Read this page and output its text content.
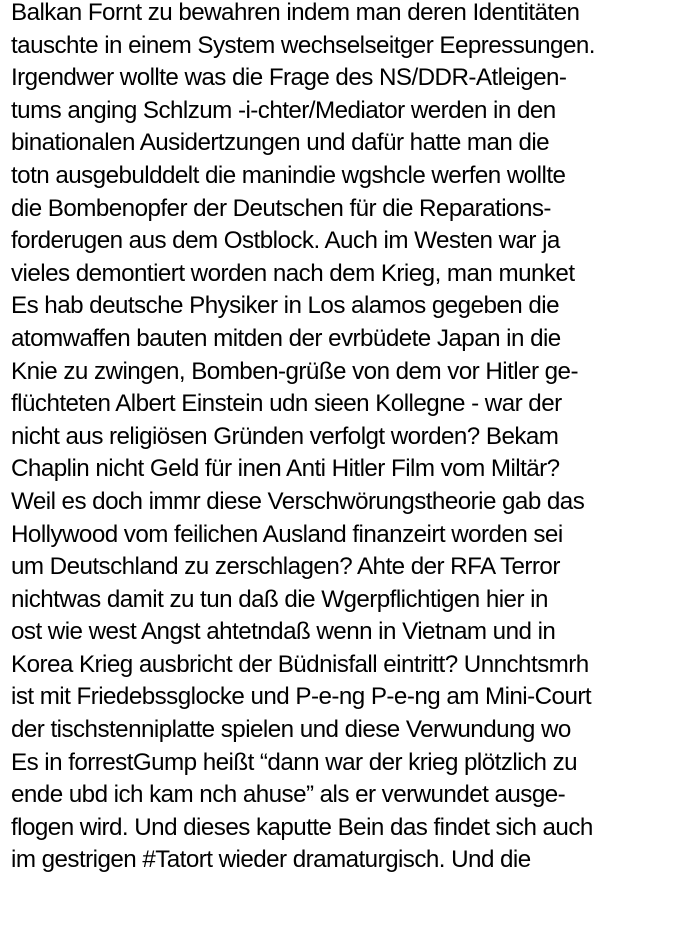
Balkan Fornt zu bewahren indem man deren Identitäten
tauschte in einem System wechselseitger Eepressungen.
Irgendwer wollte was die Frage des NS/DDR-Atleigen-
tums anging Schlzum -i-chter/Mediator werden in den
binationalen Ausidertzungen und dafür hatte man die
totn ausgebulddelt die manindie wgshcle werfen wollte
die Bombenopfer der Deutschen für die Reparations-
forderugen aus dem Ostblock. Auch im Westen war ja
vieles demontiert worden nach dem Krieg, man munket
Es hab deutsche Physiker in Los alamos gegeben die
atomwaffen bauten mitden der evrbüdete Japan in die
Knie zu zwingen, Bomben-grüße von dem vor Hitler ge-
flüchteten Albert Einstein udn sieen Kollegne - war der
nicht aus religiösen Gründen verfolgt worden? Bekam
Chaplin nicht Geld für inen Anti Hitler Film vom Miltär?
Weil es doch immr diese Verschwörungstheorie gab das
Hollywood vom feilichen Ausland finanzeirt worden sei
um Deutschland zu zerschlagen? Ahte der RFA Terror
nichtwas damit zu tun daß die Wgerpflichtigen hier in
ost wie west Angst ahtetndaß wenn in Vietnam und in
Korea Krieg ausbricht der Büdnisfall eintritt? Unnchtsmrh
ist mit Friedebssglocke und P-e-ng P-e-ng am Mini-Court
der tischstenniplatte spielen und diese Verwundung wo
Es in forrestGump heißt “dann war der krieg plötzlich zu
ende ubd ich kam nch ahuse” als er verwundet ausge-
flogen wird. Und dieses kaputte Bein das findet sich auch
im gestrigen #Tatort wieder dramaturgisch. Und die
